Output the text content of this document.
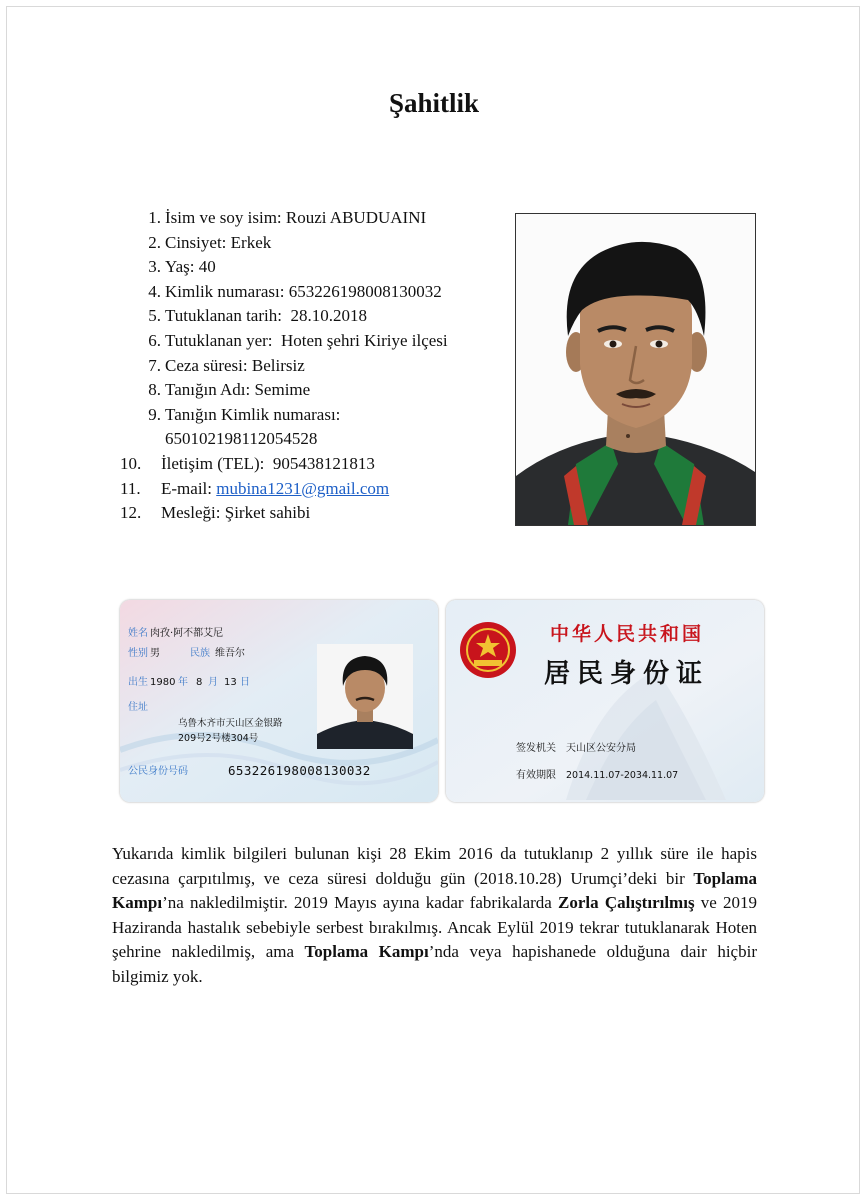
Şahitlik
1. İsim ve soy isim: Rouzi ABUDUAINI
2. Cinsiyet: Erkek
3. Yaş: 40
4. Kimlik numarası: 653226198008130032
5. Tutuklanan tarih:  28.10.2018
6. Tutuklanan yer:  Hoten şehri Kiriye ilçesi
7. Ceza süresi: Belirsiz
8. Tanığın Adı: Semime
9. Tanığın Kimlik numarası:
650102198112054528
10.	İletişim (TEL):  905438121813
11.	E-mail: mubina1231@gmail.com
12.	Mesleği: Şirket sahibi
姓名 肉孜·阿不都艾尼
性别 男	民族 维吾尔
出生 1980 年 8 月 13 日
住址
乌鲁木齐市天山区金银路
209号2号楼304号
公民身份号码	653226198008130032
中华人民共和国
居民身份证
签发机关 天山区公安分局
有效期限 2014.11.07-2034.11.07

Yukarıda kimlik bilgileri bulunan kişi 28 Ekim 2016 da tutuklanıp 2 yıllık süre ile hapis cezasına çarpıtılmış, ve ceza süresi dolduğu gün (2018.10.28) Urumçi’deki bir Toplama Kampı’na nakledilmiştir. 2019 Mayıs ayına kadar fabrikalarda Zorla Çalıştırılmış ve 2019 Haziranda hastalık sebebiyle serbest bırakılmış. Ancak Eylül 2019 tekrar tutuklanarak Hoten şehrine nakledilmiş, ama Toplama Kampı’nda veya hapishanede olduğuna dair hiçbir bilgimiz yok.
